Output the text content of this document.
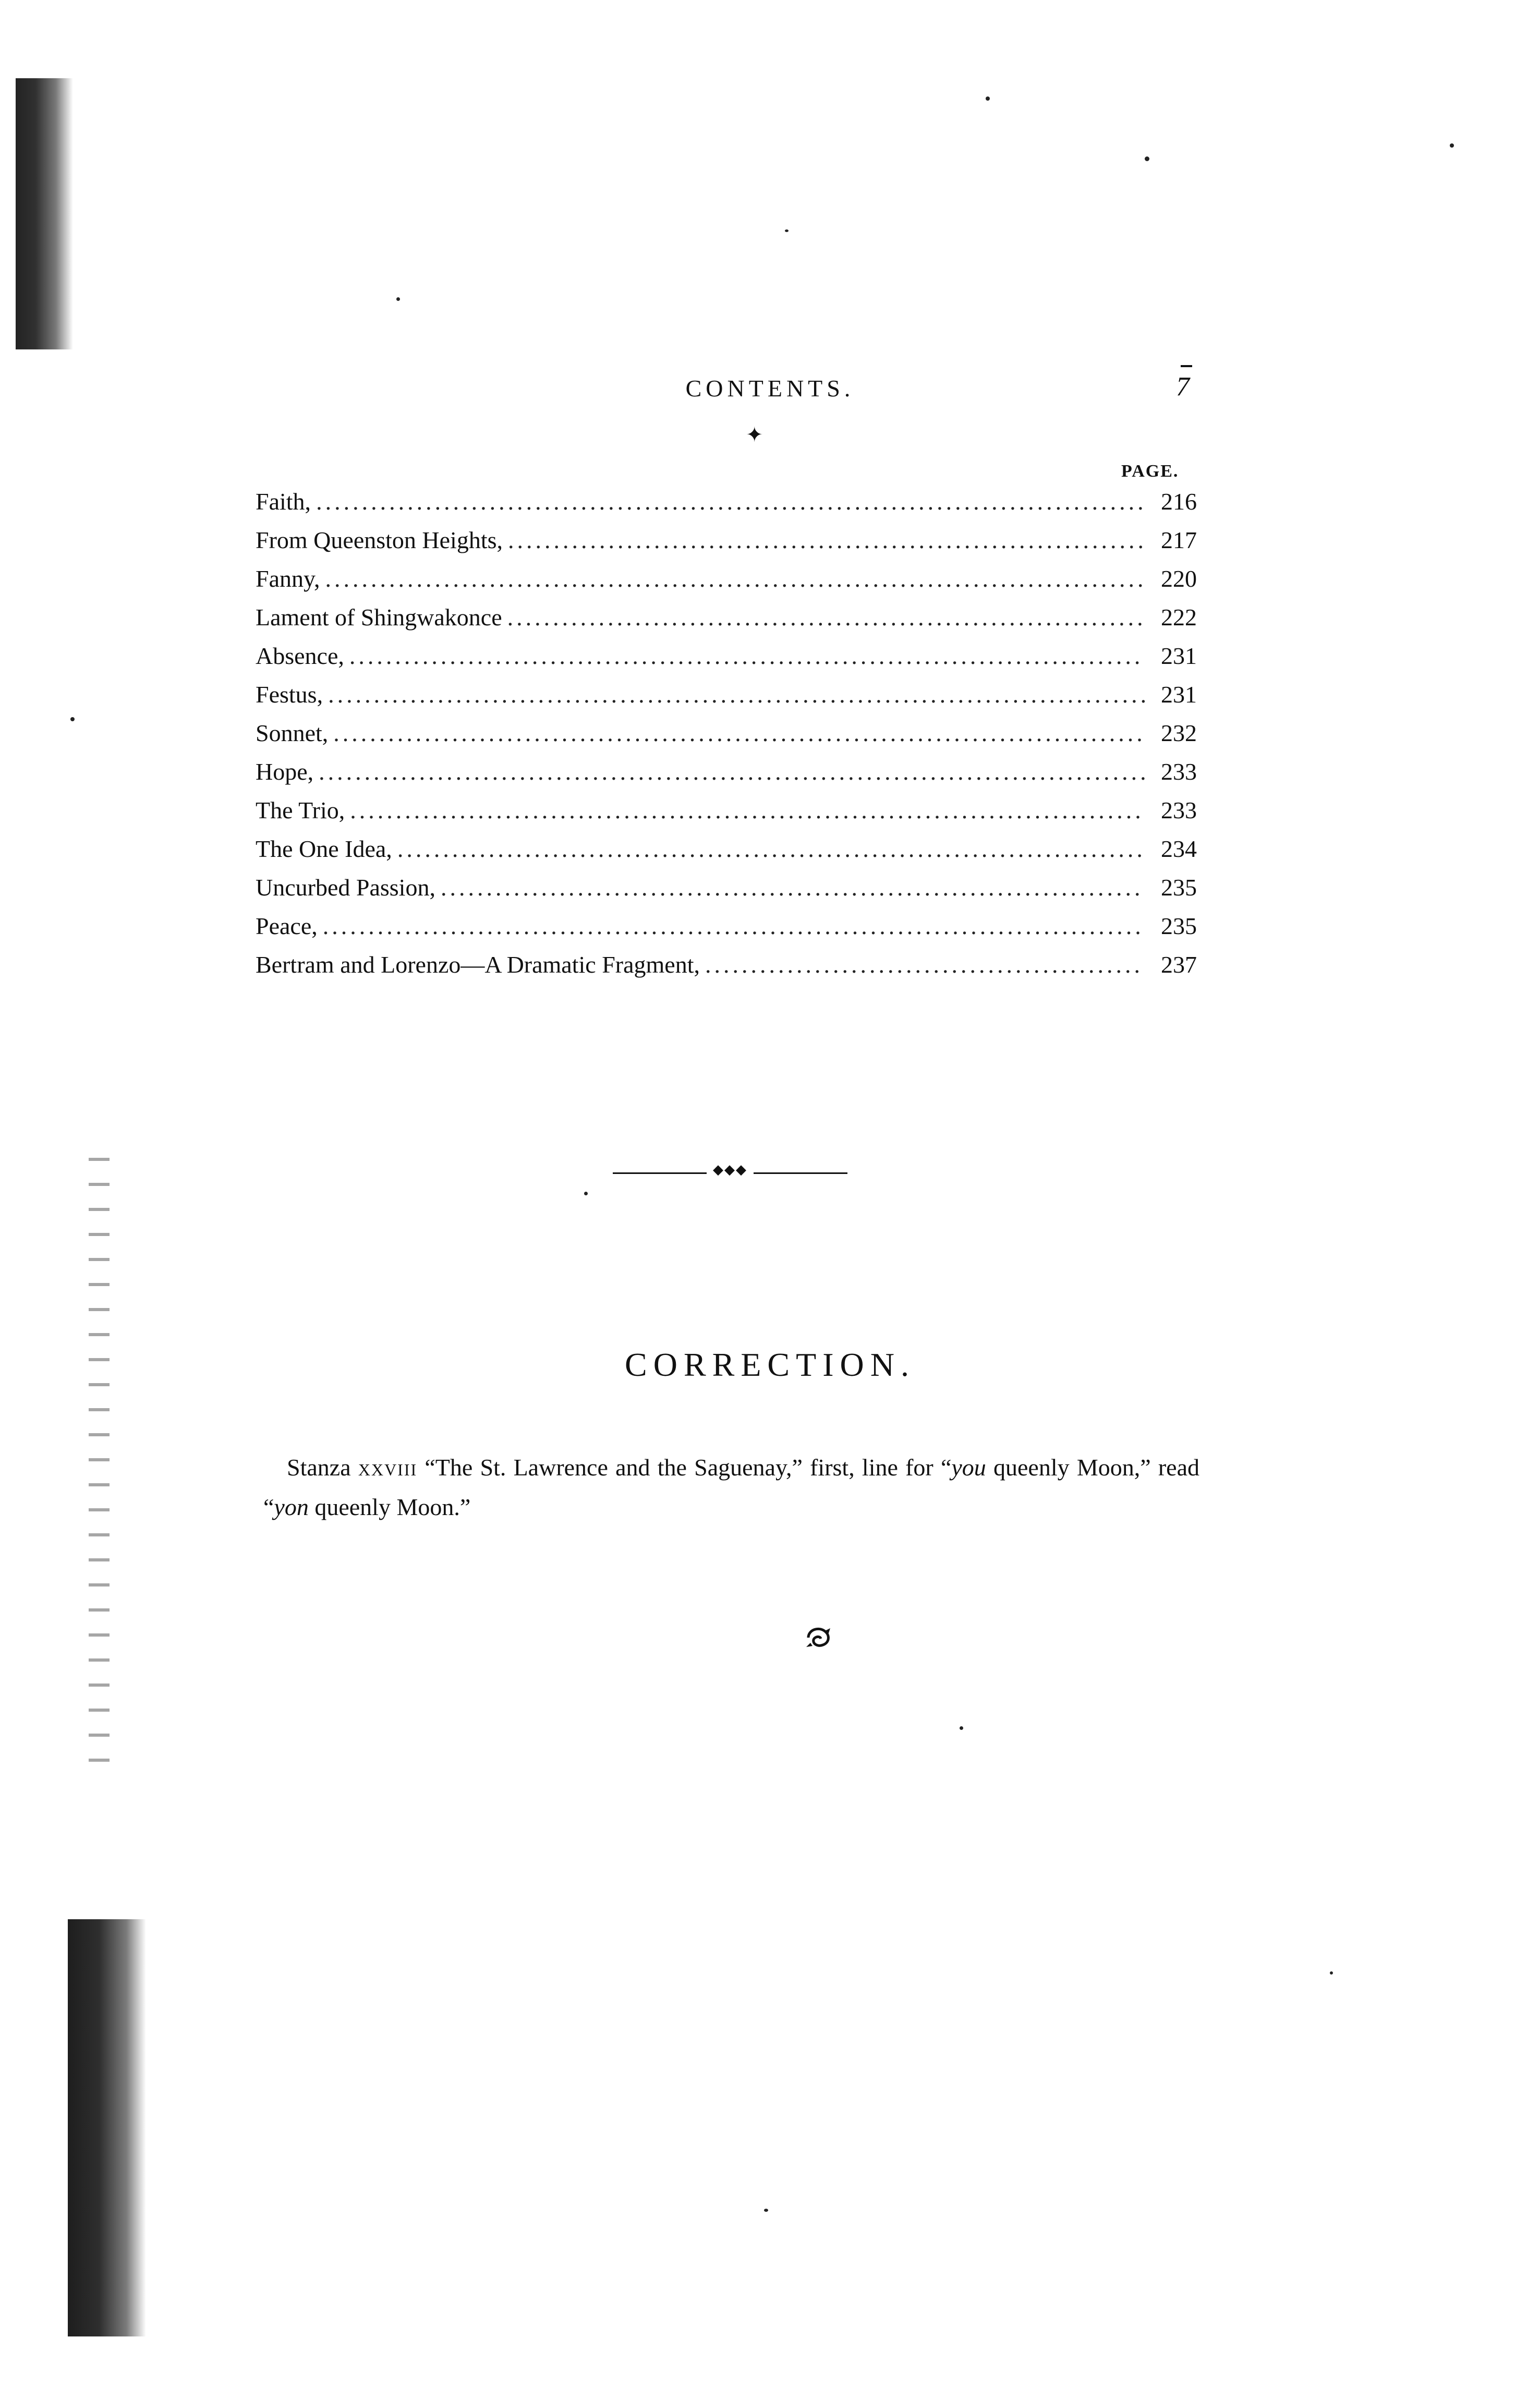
CONTENTS.	7
✦
PAGE.
Faith, .....	216
From Queenston Heights, .....	217
Fanny, .....	220
Lament of Shingwakonce .....	222
Absence, .....	231
Festus, .....	231
Sonnet, .....	232
Hope, .....	233
The Trio, .....	233
The One Idea, .....	234
Uncurbed Passion, .....	235
Peace, .....	235
Bertram and Lorenzo—A Dramatic Fragment, .....	237
◆◆◆
CORRECTION.

Stanza xxviii “The St. Lawrence and the Saguenay,” first, line for “you queenly Moon,” read “yon queenly Moon.”
